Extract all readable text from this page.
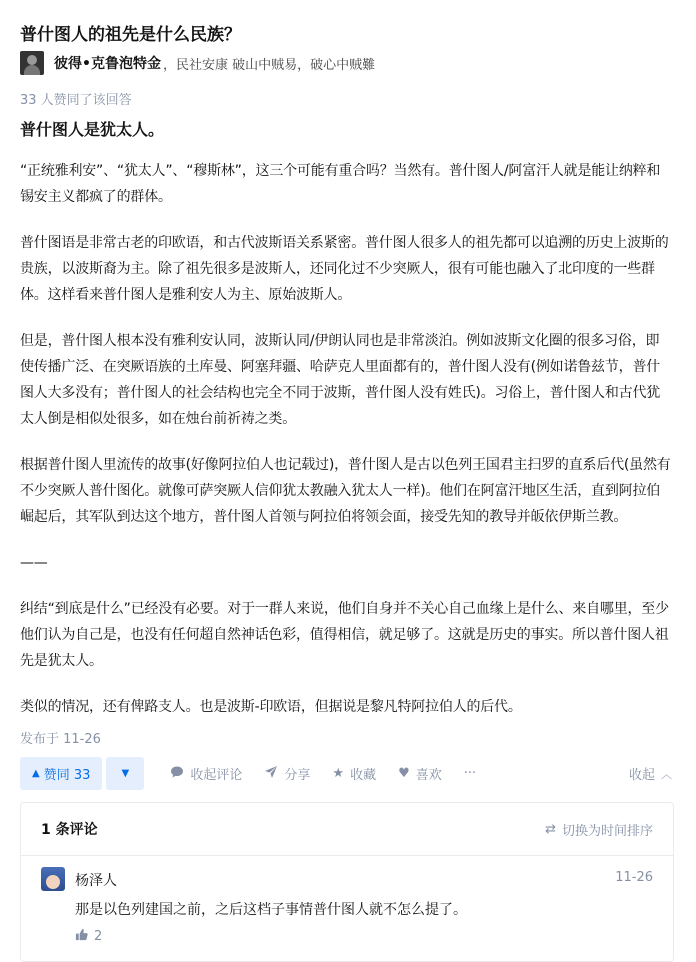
普什图人的祖先是什么民族？
彼得•克鲁泡特金 ，民社安康 破山中贼易，破心中贼難
33 人赞同了该回答
普什图人是犹太人。

“正统雅利安”、“犹太人”、“穆斯林”，这三个可能有重合吗？当然有。普什图人/阿富汗人就是能让纳粹和锡安主义都疯了的群体。

普什图语是非常古老的印欧语，和古代波斯语关系紧密。普什图人很多人的祖先都可以追溯的历史上波斯的贵族，以波斯裔为主。除了祖先很多是波斯人，还同化过不少突厥人，很有可能也融入了北印度的一些群体。这样看来普什图人是雅利安人为主、原始波斯人。

但是，普什图人根本没有雅利安认同，波斯认同/伊朗认同也是非常淡泊。例如波斯文化圈的很多习俗，即使传播广泛、在突厥语族的土库曼、阿塞拜疆、哈萨克人里面都有的，普什图人没有(例如诺鲁兹节，普什图人大多没有；普什图人的社会结构也完全不同于波斯，普什图人没有姓氏)。习俗上，普什图人和古代犹太人倒是相似处很多，如在烛台前祈祷之类。

根据普什图人里流传的故事(好像阿拉伯人也记载过)，普什图人是古以色列王国君主扫罗的直系后代(虽然有不少突厥人普什图化。就像可萨突厥人信仰犹太教融入犹太人一样)。他们在阿富汗地区生活，直到阿拉伯崛起后，其军队到达这个地方，普什图人首领与阿拉伯将领会面，接受先知的教导并皈依伊斯兰教。

——

纠结“到底是什么”已经没有必要。对于一群人来说，他们自身并不关心自己血缘上是什么、来自哪里，至少他们认为自己是，也没有任何超自然神话色彩，值得相信，就足够了。这就是历史的事实。所以普什图人祖先是犹太人。

类似的情况，还有俾路支人。也是波斯-印欧语，但据说是黎凡特阿拉伯人的后代。

发布于 11-26
▲ 赞同 33	▼	收起评论	分享 ★ 收藏 ♥ 喜欢 ···	收起 ︿
1 条评论	⇄ 切换为时间排序
杨泽人	11-26
那是以色列建国之前，之后这档子事情普什图人就不怎么提了。
2
